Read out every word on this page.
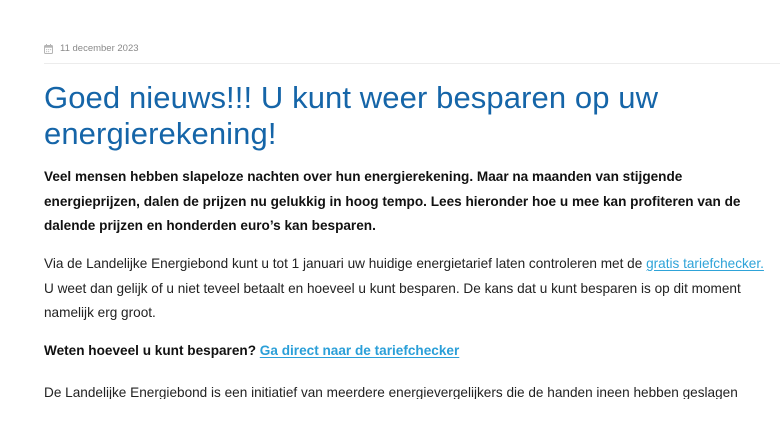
11 december 2023
Goed nieuws!!! U kunt weer besparen op uw energierekening!

Veel mensen hebben slapeloze nachten over hun energierekening. Maar na maanden van stijgende energieprijzen, dalen de prijzen nu gelukkig in hoog tempo. Lees hieronder hoe u mee kan profiteren van de dalende prijzen en honderden euro’s kan besparen.

Via de Landelijke Energiebond kunt u tot 1 januari uw huidige energietarief laten controleren met de gratis tariefchecker. U weet dan gelijk of u niet teveel betaalt en hoeveel u kunt besparen. De kans dat u kunt besparen is op dit moment namelijk erg groot.

Weten hoeveel u kunt besparen? Ga direct naar de tariefchecker

De Landelijke Energiebond is een initiatief van meerdere energievergelijkers die de handen ineen hebben geslagen
